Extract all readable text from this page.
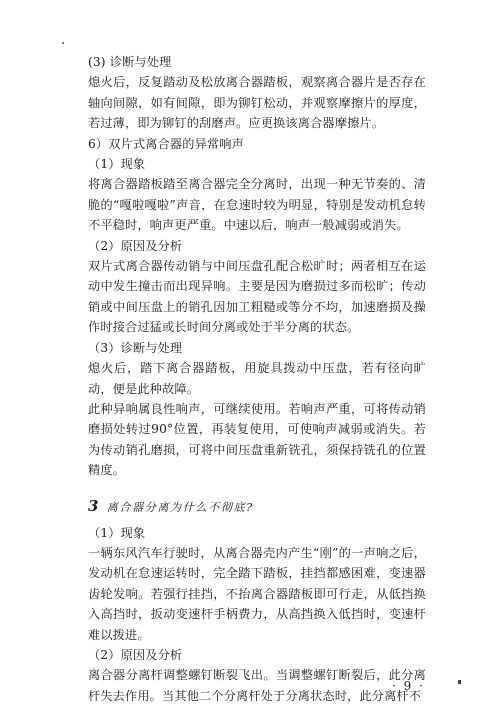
(3) 诊断与处理

熄火后，反复踏动及松放离合器踏板，观察离合器片是否存在轴向间隙，如有间隙，即为铆钉松动，并观察摩擦片的厚度，若过薄，即为铆钉的刮磨声。应更换该离合器摩擦片。

6）双片式离合器的异常响声

（1）现象

将离合器踏板踏至离合器完全分离时，出现一种无节奏的、清脆的“嘎啦嘎啦”声音，在怠速时较为明显，特别是发动机怠转不平稳时，响声更严重。中速以后，响声一般减弱或消失。

（2）原因及分析

双片式离合器传动销与中间压盘孔配合松旷时；两者相互在运动中发生撞击而出现异响。主要是因为磨损过多而松旷；传动销或中间压盘上的销孔因加工粗糙或等分不均，加速磨损及操作时接合过猛或长时间分离或处于半分离的状态。

（3）诊断与处理

熄火后，踏下离合器踏板，用旋具拨动中压盘，若有径向旷动，便是此种故障。

此种异响属良性响声，可继续使用。若响声严重，可将传动销磨损处转过90°位置，再装复使用，可使响声减弱或消失。若为传动销孔磨损，可将中间压盘重新铣孔，须保持铣孔的位置精度。

3 离合器分离为什么不彻底?

（1）现象

一辆东风汽车行驶时，从离合器壳内产生“刚”的一声响之后，发动机在怠速运转时，完全踏下踏板，挂挡都感困难，变速器齿轮发响。若强行挂挡，不抬离合器踏板即可行走，从低挡换入高挡时，扳动变速杆手柄费力，从高挡换入低挡时，变速杆难以拨进。

（2）原因及分析

离合器分离杆调整螺钉断裂飞出。当调整螺钉断裂后，此分离杆失去作用。当其他二个分离杆处于分离状态时，此分离杆不

· 9 ·
